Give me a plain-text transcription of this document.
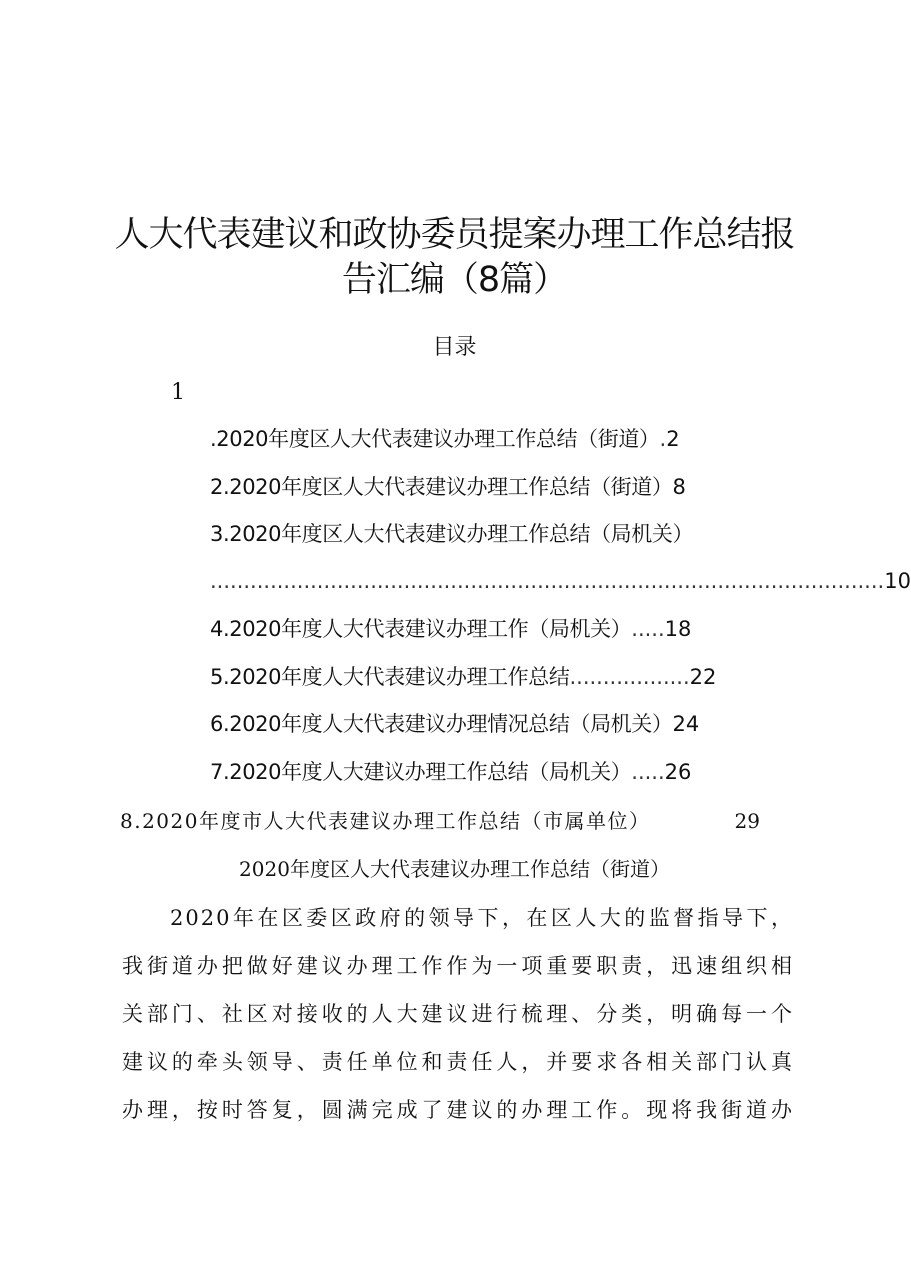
人大代表建议和政协委员提案办理工作总结报
告汇编（8篇）
目录
1
.2020年度区人大代表建议办理工作总结（街道） . 2
2.2020年度区人大代表建议办理工作总结（街道） 8
3.2020年度区人大代表建议办理工作总结（局机关）
..................................................................................................... 10
4.2020年度人大代表建议办理工作（局机关） ..... 18
5.2020年度人大代表建议办理工作总结 .................. 22
6.2020年度人大代表建议办理情况总结（局机关） 24
7.2020年度人大建议办理工作总结（局机关） ..... 26
8.2020年度市人大代表建议办理工作总结（市属单位）	29
2020年度区人大代表建议办理工作总结（街道）
2020年在区委区政府的领导下，在区人大的监督指导下，
我街道办把做好建议办理工作作为一项重要职责，迅速组织相
关部门、社区对接收的人大建议进行梳理、分类，明确每一个
建议的牵头领导、责任单位和责任人，并要求各相关部门认真
办理，按时答复，圆满完成了建议的办理工作。现将我街道办
